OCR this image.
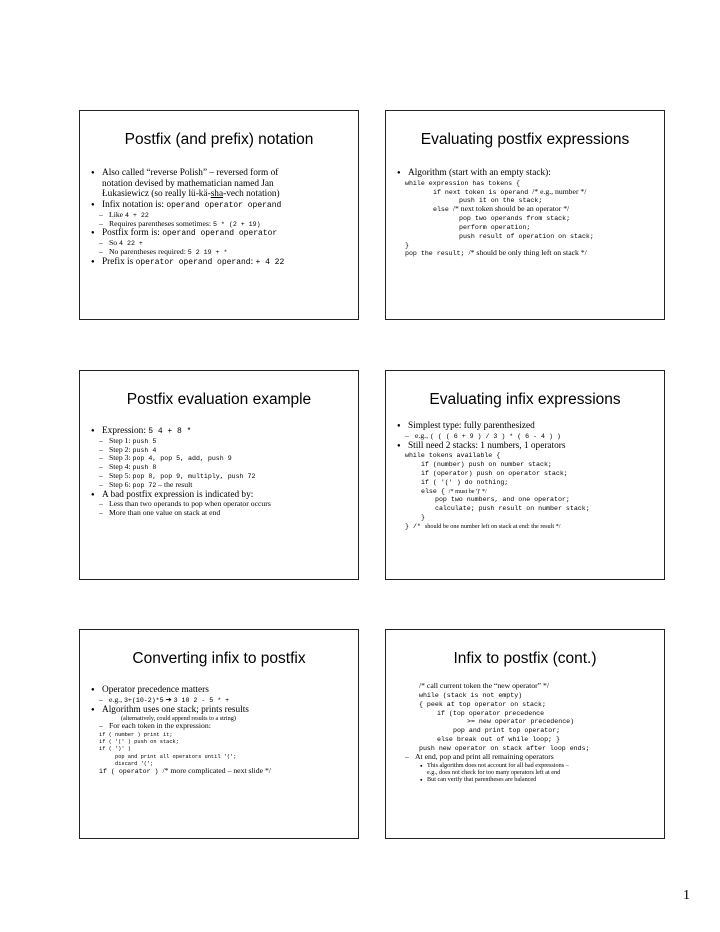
Postfix (and prefix) notation
● Also called “reverse Polish” – reversed form of
notation devised by mathematician named Jan
Łukasiewicz (so really lü-kä-sha-vech notation)
● Infix notation is: operand operator operand
– Like 4 + 22
– Requires parentheses sometimes: 5 * (2 + 19)
● Postfix form is: operand operand operator
– So 4 22 +
– No parentheses required: 5 2 19 + *
● Prefix is operator operand operand: + 4 22
Evaluating postfix expressions
● Algorithm (start with an empty stack):
while expression has tokens {
if next token is operand /* e.g., number */
push it on the stack;
else /* next token should be an operator */
pop two operands from stack;
perform operation;
push result of operation on stack;
}
pop the result; /* should be only thing left on stack */
Postfix evaluation example
● Expression: 5 4 + 8 *
– Step 1: push 5
– Step 2: push 4
– Step 3: pop 4, pop 5, add, push 9
– Step 4: push 8
– Step 5: pop 8, pop 9, multiply, push 72
– Step 6: pop 72 – the result
● A bad postfix expression is indicated by:
– Less than two operands to pop when operator occurs
– More than one value on stack at end
Evaluating infix expressions
● Simplest type: fully parenthesized
– e.g., ( ( ( 6 + 9 ) / 3 ) * ( 6 - 4 ) )
● Still need 2 stacks: 1 numbers, 1 operators
while tokens available {
if (number) push on number stack;
if (operator) push on operator stack;
if ( '(' ) do nothing;
else { /* must be ')' */
pop two numbers, and one operator;
calculate; push result on number stack;
}
} /* should be one number left on stack at end: the result */
Converting infix to postfix
● Operator precedence matters
– e.g., 3+(10-2)*5 ➔ 3 10 2 - 5 * +
● Algorithm uses one stack; prints results
(alternatively, could append results to a string)
– For each token in the expression:
if ( number ) print it;
if ( '(' ) push on stack;
if ( ')' )
pop and print all operators until '(';
discard '(';
if ( operator ) /* more complicated – next slide */
Infix to postfix (cont.)
/* call current token the “new operator” */
while (stack is not empty)
{ peek at top operator on stack;
if (top operator precedence
>= new operator precedence)
pop and print top operator;
else break out of while loop; }
push new operator on stack after loop ends;
– At end, pop and print all remaining operators
● This algorithm does not account for all bad expressions –
e.g., does not check for too many operators left at end
● But can verify that parentheses are balanced
1
